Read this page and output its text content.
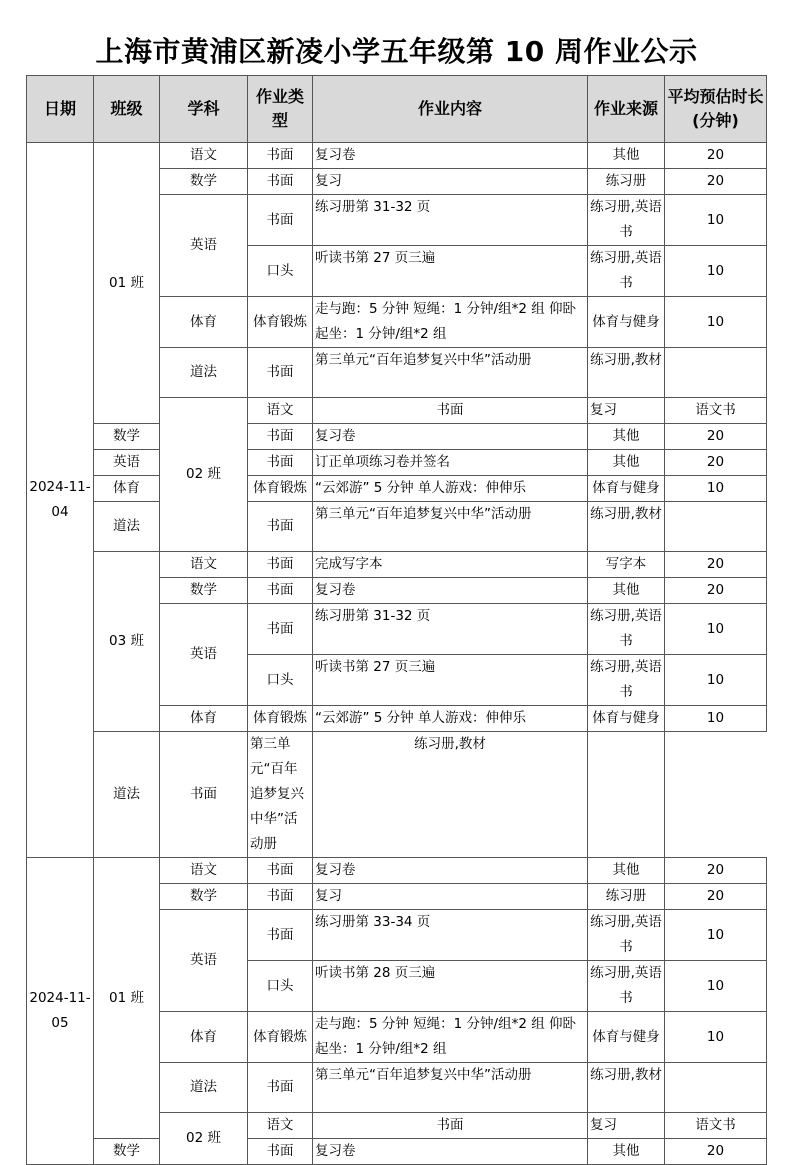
上海市黄浦区新凌小学五年级第 10 周作业公示
日期	班级	学科	作业类型	作业内容	作业来源	平均预估时长(分钟)	
2024-11-04	01 班	语文	书面	复习卷	其他	20	
		数学	书面	复习	练习册	20	
		英语	书面	练习册第 31-32 页	练习册,英语书	10	
			口头	听读书第 27 页三遍	练习册,英语书	10	
		体育	体育锻炼	走与跑：5 分钟 短绳：1 分钟/组*2 组 仰卧起坐：1 分钟/组*2 组	体育与健身	10	
		道法	书面	第三单元“百年追梦复兴中华”活动册	练习册,教材		
		02 班	语文	书面	复习	语文书	
	数学		书面	复习卷	其他	20	
	英语		书面	订正单项练习卷并签名	其他	20	
	体育		体育锻炼	“云郊游” 5 分钟 单人游戏：伸伸乐	体育与健身	10	
	道法		书面	第三单元“百年追梦复兴中华”活动册	练习册,教材		
	03 班	语文	书面	完成写字本	写字本	20	
		数学	书面	复习卷	其他	20	
		英语	书面	练习册第 31-32 页	练习册,英语书	10	
			口头	听读书第 27 页三遍	练习册,英语书	10	
		体育	体育锻炼	“云郊游” 5 分钟 单人游戏：伸伸乐	体育与健身	10	
	道法	书面	第三单元“百年追梦复兴中华”活动册	练习册,教材			
2024-11-05	01 班	语文	书面	复习卷	其他	20	
		数学	书面	复习	练习册	20	
		英语	书面	练习册第 33-34 页	练习册,英语书	10	
			口头	听读书第 28 页三遍	练习册,英语书	10	
		体育	体育锻炼	走与跑：5 分钟 短绳：1 分钟/组*2 组 仰卧起坐：1 分钟/组*2 组	体育与健身	10	
		道法	书面	第三单元“百年追梦复兴中华”活动册	练习册,教材		
		02 班	语文	书面	复习	语文书	
	数学		书面	复习卷	其他	20	
